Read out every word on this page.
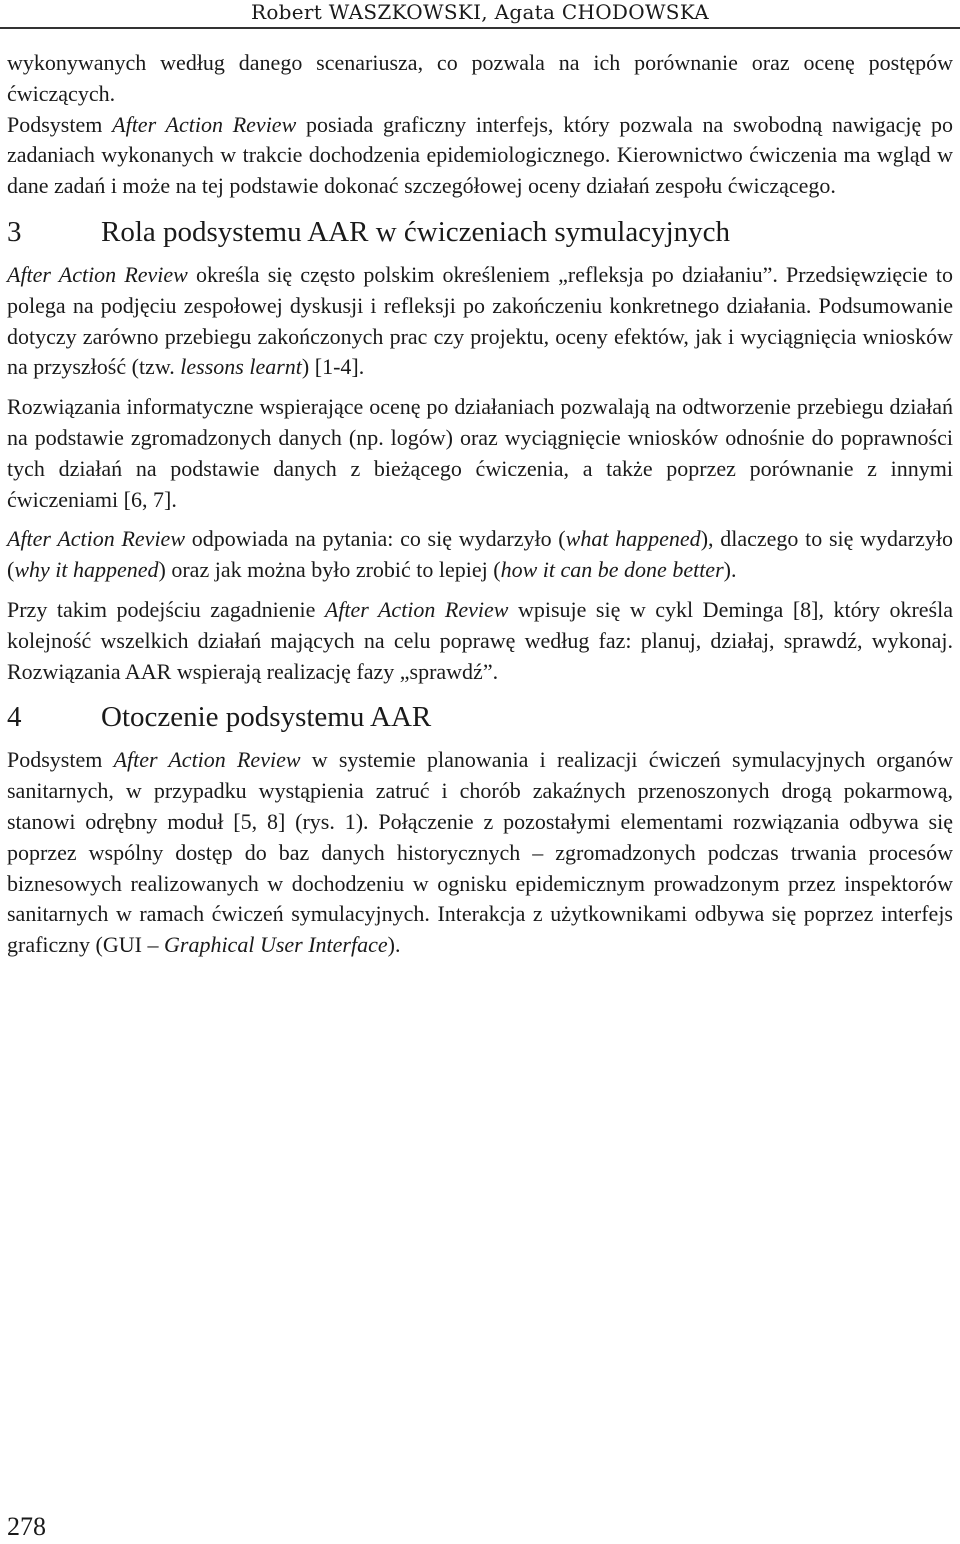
Robert WASZKOWSKI, Agata CHODOWSKA

wykonywanych według danego scenariusza, co pozwala na ich porównanie oraz ocenę postępów ćwiczących.

Podsystem After Action Review posiada graficzny interfejs, który pozwala na swobodną nawigację po zadaniach wykonanych w trakcie dochodzenia epidemiologicznego. Kierownictwo ćwiczenia ma wgląd w dane zadań i może na tej podstawie dokonać szczegółowej oceny działań zespołu ćwiczącego.

3	Rola podsystemu AAR w ćwiczeniach symulacyjnych

After Action Review określa się często polskim określeniem „refleksja po działaniu”. Przedsięwzięcie to polega na podjęciu zespołowej dyskusji i refleksji po zakończeniu konkretnego działania. Podsumowanie dotyczy zarówno przebiegu zakończonych prac czy projektu, oceny efektów, jak i wyciągnięcia wniosków na przyszłość (tzw. lessons learnt) [1-4].

Rozwiązania informatyczne wspierające ocenę po działaniach pozwalają na odtworzenie przebiegu działań na podstawie zgromadzonych danych (np. logów) oraz wyciągnięcie wniosków odnośnie do poprawności tych działań na podstawie danych z bieżącego ćwiczenia, a także poprzez porównanie z innymi ćwiczeniami [6, 7].

After Action Review odpowiada na pytania: co się wydarzyło (what happened), dlaczego to się wydarzyło (why it happened) oraz jak można było zrobić to lepiej (how it can be done better).

Przy takim podejściu zagadnienie After Action Review wpisuje się w cykl Deminga [8], który określa kolejność wszelkich działań mających na celu poprawę według faz: planuj, działaj, sprawdź, wykonaj. Rozwiązania AAR wspierają realizację fazy „sprawdź”.

4	Otoczenie podsystemu AAR

Podsystem After Action Review w systemie planowania i realizacji ćwiczeń symulacyjnych organów sanitarnych, w przypadku wystąpienia zatruć i chorób zakaźnych przenoszonych drogą pokarmową, stanowi odrębny moduł [5, 8] (rys. 1). Połączenie z pozostałymi elementami rozwiązania odbywa się poprzez wspólny dostęp do baz danych historycznych – zgromadzonych podczas trwania procesów biznesowych realizowanych w dochodzeniu w ognisku epidemicznym prowadzonym przez inspektorów sanitarnych w ramach ćwiczeń symulacyjnych. Interakcja z użytkownikami odbywa się poprzez interfejs graficzny (GUI – Graphical User Interface).

278
